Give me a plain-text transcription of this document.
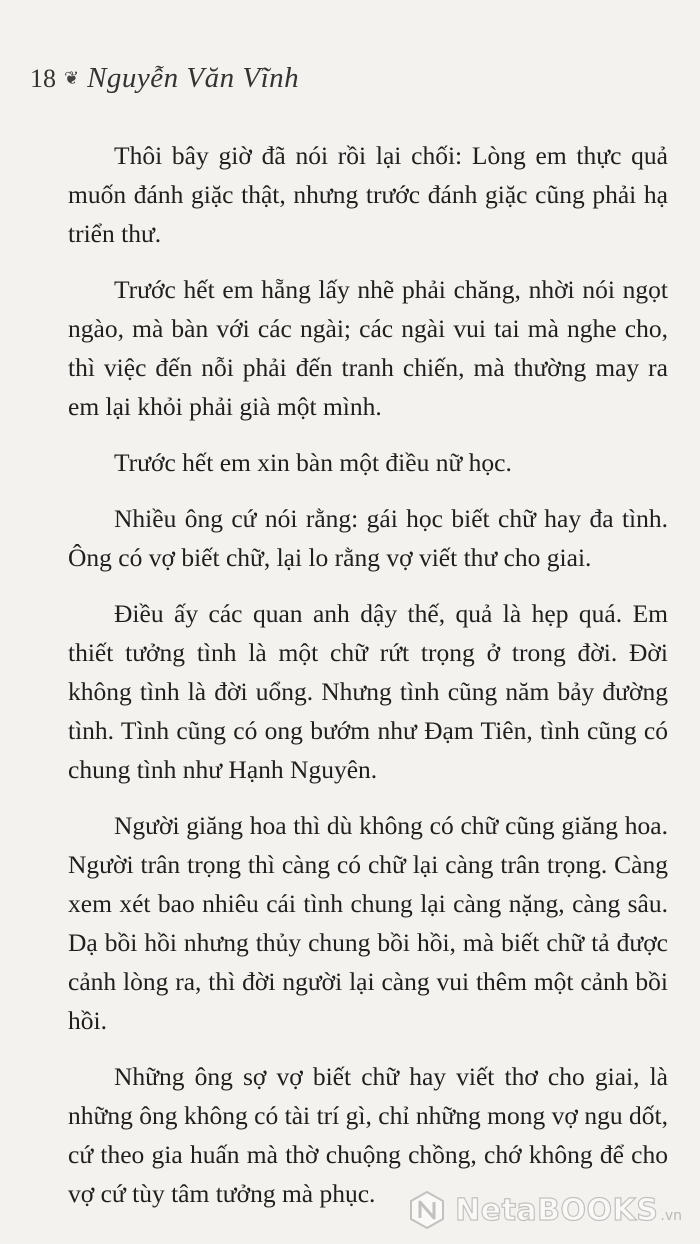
18 ❦ Nguyễn Văn Vĩnh

Thôi bây giờ đã nói rồi lại chối: Lòng em thực quả muốn đánh giặc thật, nhưng trước đánh giặc cũng phải hạ triển thư.

Trước hết em hẵng lấy nhẽ phải chăng, nhời nói ngọt ngào, mà bàn với các ngài; các ngài vui tai mà nghe cho, thì việc đến nỗi phải đến tranh chiến, mà thường may ra em lại khỏi phải già một mình.

Trước hết em xin bàn một điều nữ học.

Nhiều ông cứ nói rằng: gái học biết chữ hay đa tình. Ông có vợ biết chữ, lại lo rằng vợ viết thư cho giai.

Điều ấy các quan anh dậy thế, quả là hẹp quá. Em thiết tưởng tình là một chữ rứt trọng ở trong đời. Đời không tình là đời uổng. Nhưng tình cũng năm bảy đường tình. Tình cũng có ong bướm như Đạm Tiên, tình cũng có chung tình như Hạnh Nguyên.

Người giăng hoa thì dù không có chữ cũng giăng hoa. Người trân trọng thì càng có chữ lại càng trân trọng. Càng xem xét bao nhiêu cái tình chung lại càng nặng, càng sâu. Dạ bồi hồi nhưng thủy chung bồi hồi, mà biết chữ tả được cảnh lòng ra, thì đời người lại càng vui thêm một cảnh bồi hồi.

Những ông sợ vợ biết chữ hay viết thơ cho giai, là những ông không có tài trí gì, chỉ những mong vợ ngu dốt, cứ theo gia huấn mà thờ chuộng chồng, chớ không để cho vợ cứ tùy tâm tưởng mà phục.	NetaBOOKS .vn
